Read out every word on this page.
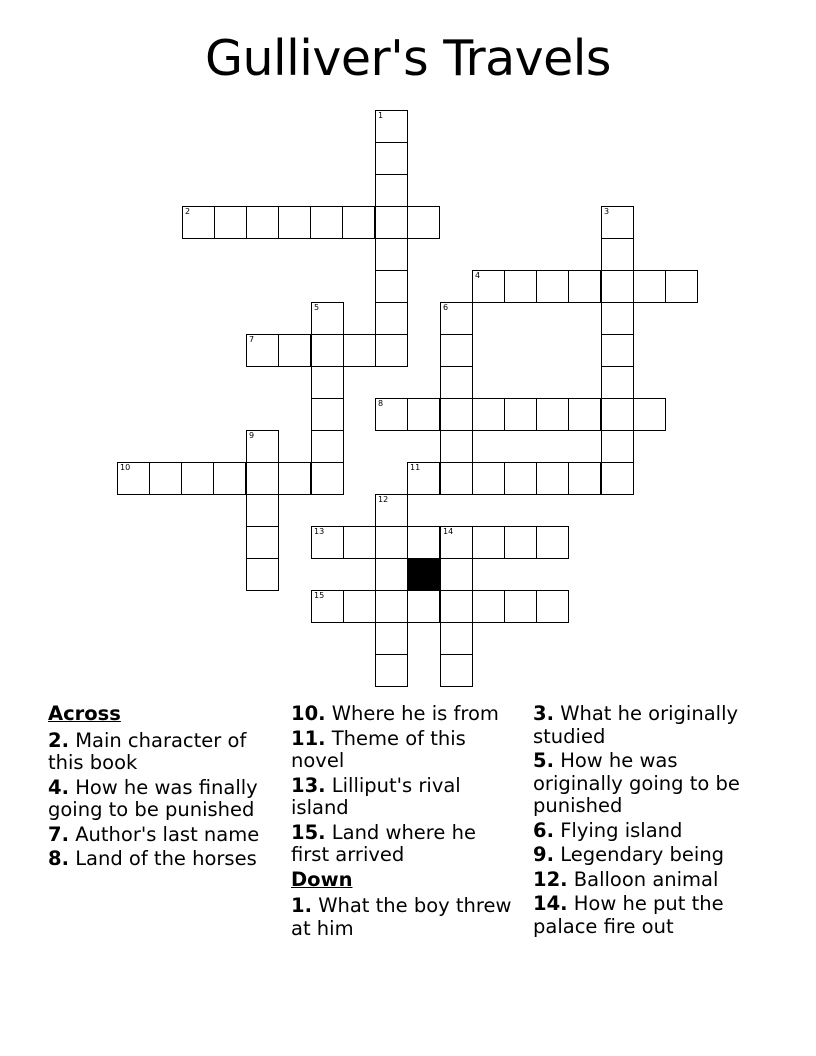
Gulliver's Travels
1
2	3
4
5	6
7
8
9
10	11
12
13	14
15
Across
2. Main character of this book
4. How he was finally going to be punished
7. Author's last name
8. Land of the horses
10. Where he is from
11. Theme of this novel
13. Lilliput's rival island
15. Land where he first arrived
Down
1. What the boy threw at him
3. What he originally studied
5. How he was originally going to be punished
6. Flying island
9. Legendary being
12. Balloon animal
14. How he put the palace fire out
